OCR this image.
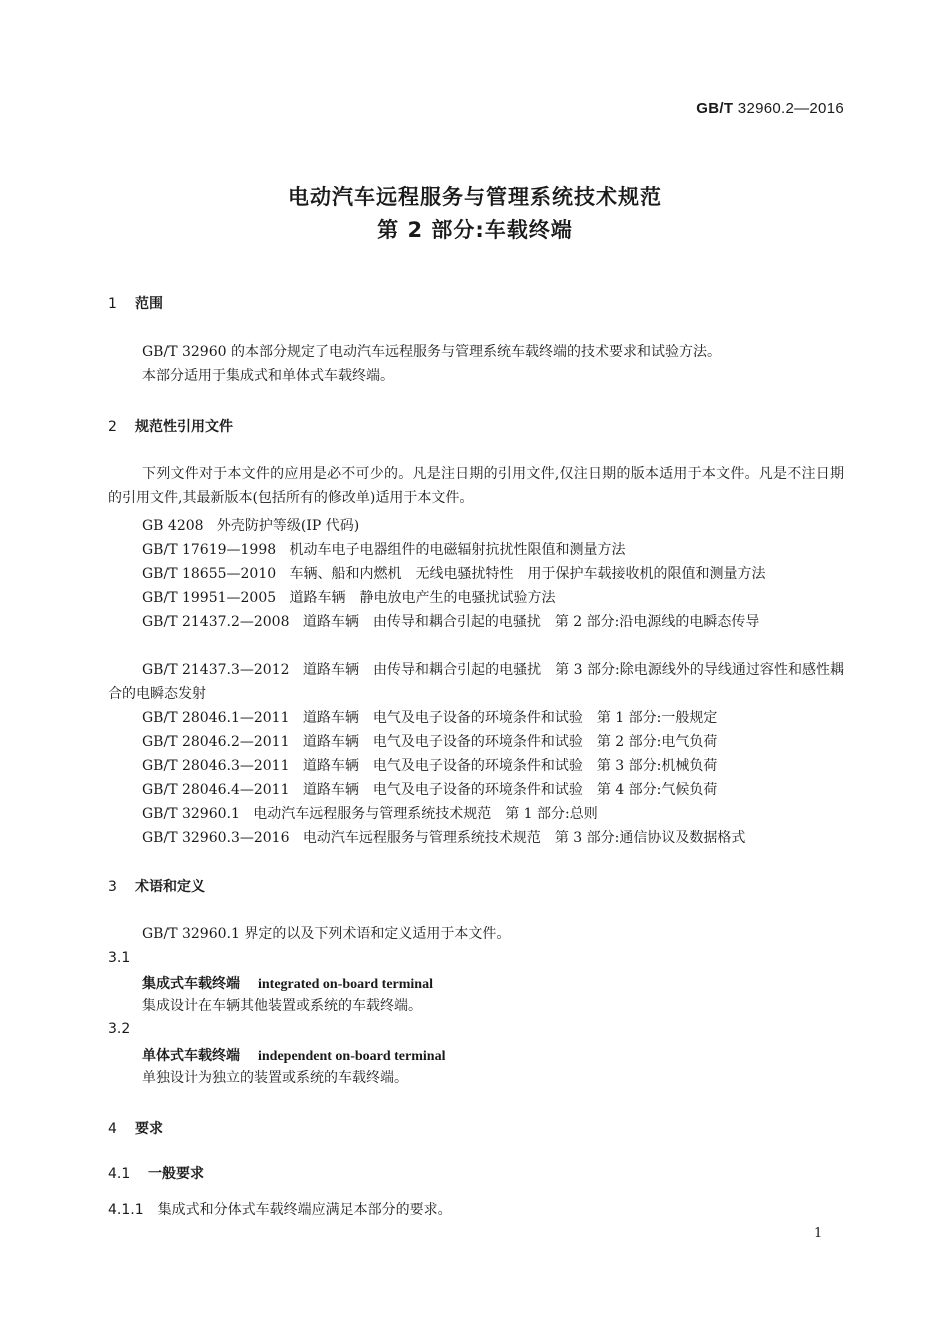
GB/T 32960.2—2016
电动汽车远程服务与管理系统技术规范
第 2 部分:车载终端
1 范围
GB/T 32960 的本部分规定了电动汽车远程服务与管理系统车载终端的技术要求和试验方法。
本部分适用于集成式和单体式车载终端。
2 规范性引用文件
下列文件对于本文件的应用是必不可少的。凡是注日期的引用文件,仅注日期的版本适用于本文件。凡是不注日期的引用文件,其最新版本(包括所有的修改单)适用于本文件。
GB 4208 外壳防护等级(IP 代码)
GB/T 17619—1998 机动车电子电器组件的电磁辐射抗扰性限值和测量方法
GB/T 18655—2010 车辆、船和内燃机　无线电骚扰特性　用于保护车载接收机的限值和测量方法
GB/T 19951—2005 道路车辆　静电放电产生的电骚扰试验方法
GB/T 21437.2—2008 道路车辆　由传导和耦合引起的电骚扰　第 2 部分:沿电源线的电瞬态传导
GB/T 21437.3—2012 道路车辆　由传导和耦合引起的电骚扰　第 3 部分:除电源线外的导线通过容性和感性耦合的电瞬态发射
GB/T 28046.1—2011 道路车辆　电气及电子设备的环境条件和试验　第 1 部分:一般规定
GB/T 28046.2—2011 道路车辆　电气及电子设备的环境条件和试验　第 2 部分:电气负荷
GB/T 28046.3—2011 道路车辆　电气及电子设备的环境条件和试验　第 3 部分:机械负荷
GB/T 28046.4—2011 道路车辆　电气及电子设备的环境条件和试验　第 4 部分:气候负荷
GB/T 32960.1 电动汽车远程服务与管理系统技术规范　第 1 部分:总则
GB/T 32960.3—2016 电动汽车远程服务与管理系统技术规范　第 3 部分:通信协议及数据格式
3 术语和定义
GB/T 32960.1 界定的以及下列术语和定义适用于本文件。
3.1
集成式车载终端 integrated on-board terminal
集成设计在车辆其他装置或系统的车载终端。
3.2
单体式车载终端 independent on-board terminal
单独设计为独立的装置或系统的车载终端。
4 要求
4.1 一般要求
4.1.1 集成式和分体式车载终端应满足本部分的要求。
1
